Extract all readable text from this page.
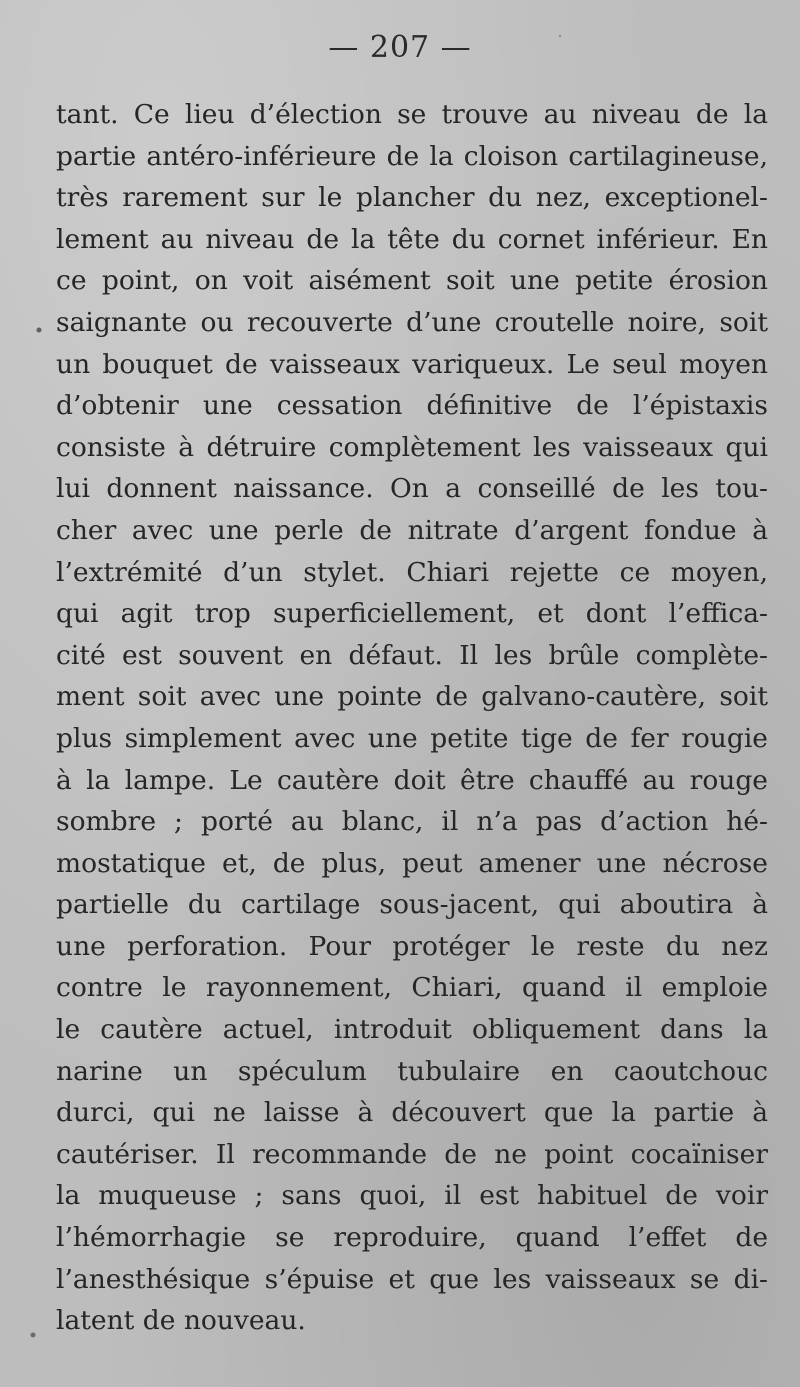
— 207 —
tant. Ce lieu d’élection se trouve au niveau de la
partie antéro-inférieure de la cloison cartilagineuse,
très rarement sur le plancher du nez, exceptionel-
lement au niveau de la tête du cornet inférieur. En
ce point, on voit aisément soit une petite érosion
saignante ou recouverte d’une croutelle noire, soit
un bouquet de vaisseaux variqueux. Le seul moyen
d’obtenir une cessation définitive de l’épistaxis
consiste à détruire complètement les vaisseaux qui
lui donnent naissance. On a conseillé de les tou-
cher avec une perle de nitrate d’argent fondue à
l’extrémité d’un stylet. Chiari rejette ce moyen,
qui agit trop superficiellement, et dont l’effica-
cité est souvent en défaut. Il les brûle complète-
ment soit avec une pointe de galvano-cautère, soit
plus simplement avec une petite tige de fer rougie
à la lampe. Le cautère doit être chauffé au rouge
sombre ; porté au blanc, il n’a pas d’action hé-
mostatique et, de plus, peut amener une nécrose
partielle du cartilage sous-jacent, qui aboutira à
une perforation. Pour protéger le reste du nez
contre le rayonnement, Chiari, quand il emploie
le cautère actuel, introduit obliquement dans la
narine un spéculum tubulaire en caoutchouc
durci, qui ne laisse à découvert que la partie à
cautériser. Il recommande de ne point cocaïniser
la muqueuse ; sans quoi, il est habituel de voir
l’hémorrhagie se reproduire, quand l’effet de
l’anesthésique s’épuise et que les vaisseaux se di-
latent de nouveau.
